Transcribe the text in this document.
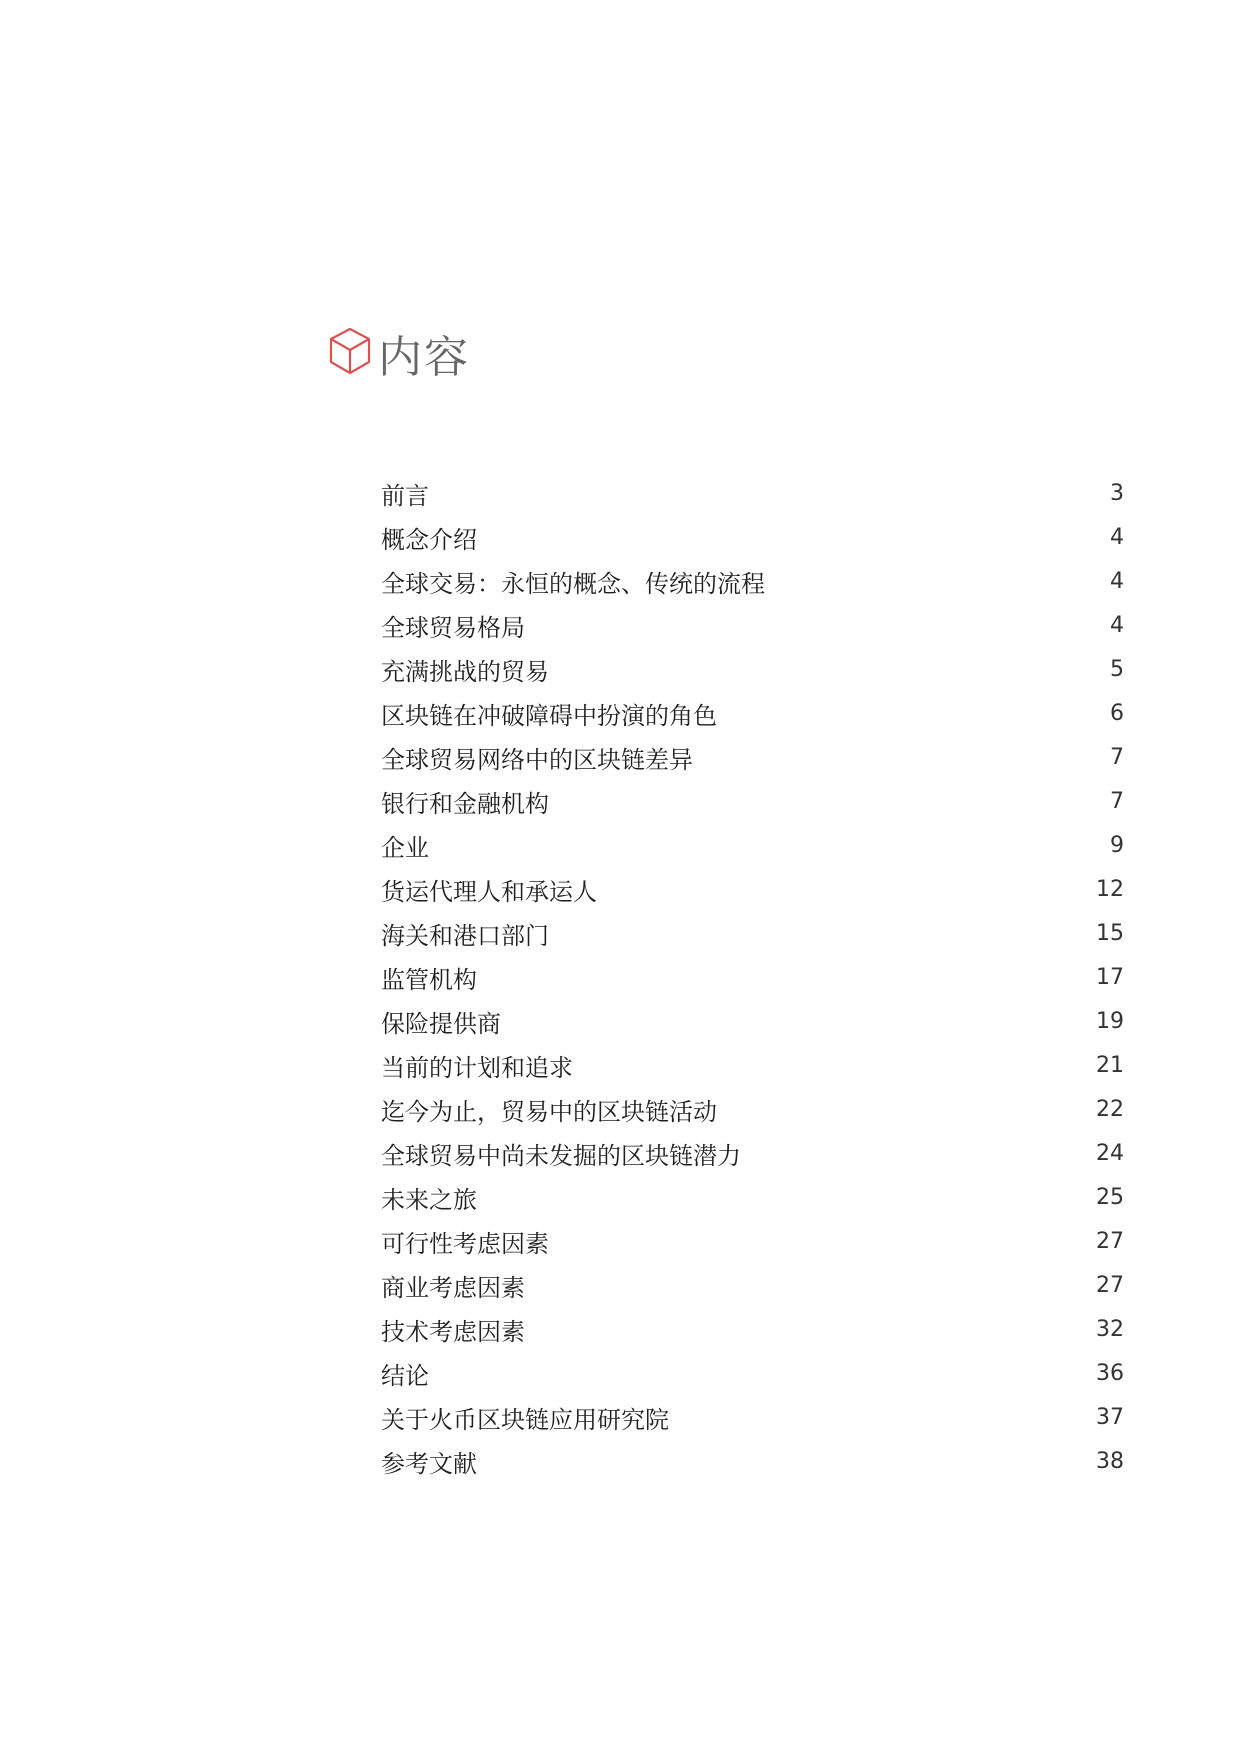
内容
前言	3
概念介绍	4
全球交易：永恒的概念、传统的流程	4
全球贸易格局	4
充满挑战的贸易	5
区块链在冲破障碍中扮演的角色	6
全球贸易网络中的区块链差异	7
银行和金融机构	7
企业	9
货运代理人和承运人	12
海关和港口部门	15
监管机构	17
保险提供商	19
当前的计划和追求	21
迄今为止，贸易中的区块链活动	22
全球贸易中尚未发掘的区块链潜力	24
未来之旅	25
可行性考虑因素	27
商业考虑因素	27
技术考虑因素	32
结论	36
关于火币区块链应用研究院	37
参考文献	38
